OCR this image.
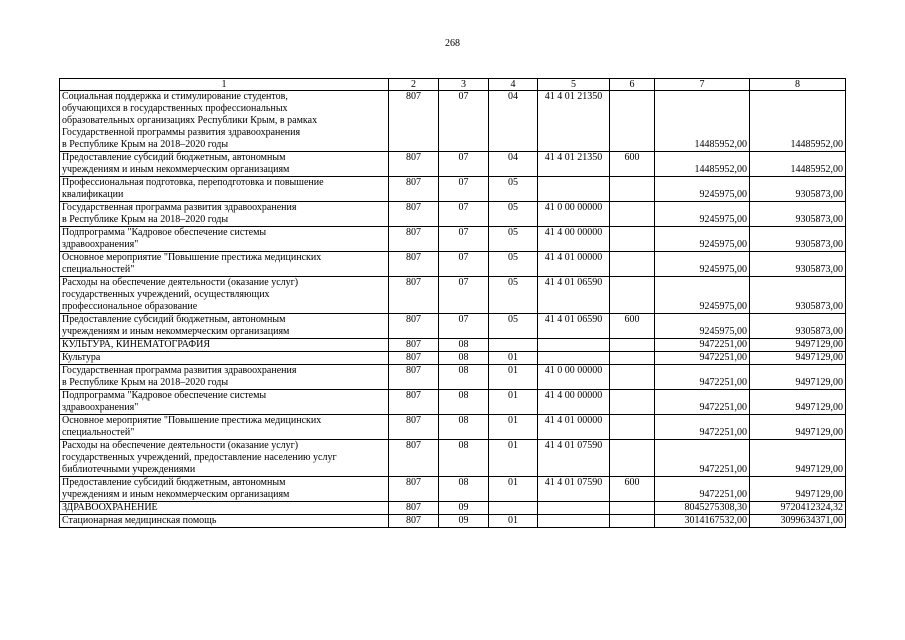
268
1	2	3	4	5	6	7	8

Социальная поддержка и стимулирование студентов,
обучающихся в государственных профессиональных
образовательных организациях Республики Крым, в рамках
Государственной программы развития здравоохранения
в Республике Крым на 2018–2020 годы	807	07	04	41 4 01 21350		14485952,00	14485952,00

Предоставление субсидий бюджетным, автономным
учреждениям и иным некоммерческим организациям	807	07	04	41 4 01 21350	600	14485952,00	14485952,00

Профессиональная подготовка, переподготовка и повышение
квалификации	807	07	05			9245975,00	9305873,00

Государственная программа развития здравоохранения
в Республике Крым на 2018–2020 годы	807	07	05	41 0 00 00000		9245975,00	9305873,00

Подпрограмма "Кадровое обеспечение системы
здравоохранения"	807	07	05	41 4 00 00000		9245975,00	9305873,00

Основное мероприятие "Повышение престижа медицинских
специальностей"	807	07	05	41 4 01 00000		9245975,00	9305873,00

Расходы на обеспечение деятельности (оказание услуг)
государственных учреждений, осуществляющих
профессиональное образование	807	07	05	41 4 01 06590		9245975,00	9305873,00

Предоставление субсидий бюджетным, автономным
учреждениям и иным некоммерческим организациям	807	07	05	41 4 01 06590	600	9245975,00	9305873,00

КУЛЬТУРА, КИНЕМАТОГРАФИЯ	807	08				9472251,00	9497129,00

Культура	807	08	01			9472251,00	9497129,00

Государственная программа развития здравоохранения
в Республике Крым на 2018–2020 годы	807	08	01	41 0 00 00000		9472251,00	9497129,00

Подпрограмма "Кадровое обеспечение системы
здравоохранения"	807	08	01	41 4 00 00000		9472251,00	9497129,00

Основное мероприятие "Повышение престижа медицинских
специальностей"	807	08	01	41 4 01 00000		9472251,00	9497129,00

Расходы на обеспечение деятельности (оказание услуг)
государственных учреждений, предоставление населению услуг
библиотечными учреждениями	807	08	01	41 4 01 07590		9472251,00	9497129,00

Предоставление субсидий бюджетным, автономным
учреждениям и иным некоммерческим организациям	807	08	01	41 4 01 07590	600	9472251,00	9497129,00

ЗДРАВООХРАНЕНИЕ	807	09				8045275308,30	9720412324,32

Стационарная медицинская помощь	807	09	01			3014167532,00	3099634371,00
